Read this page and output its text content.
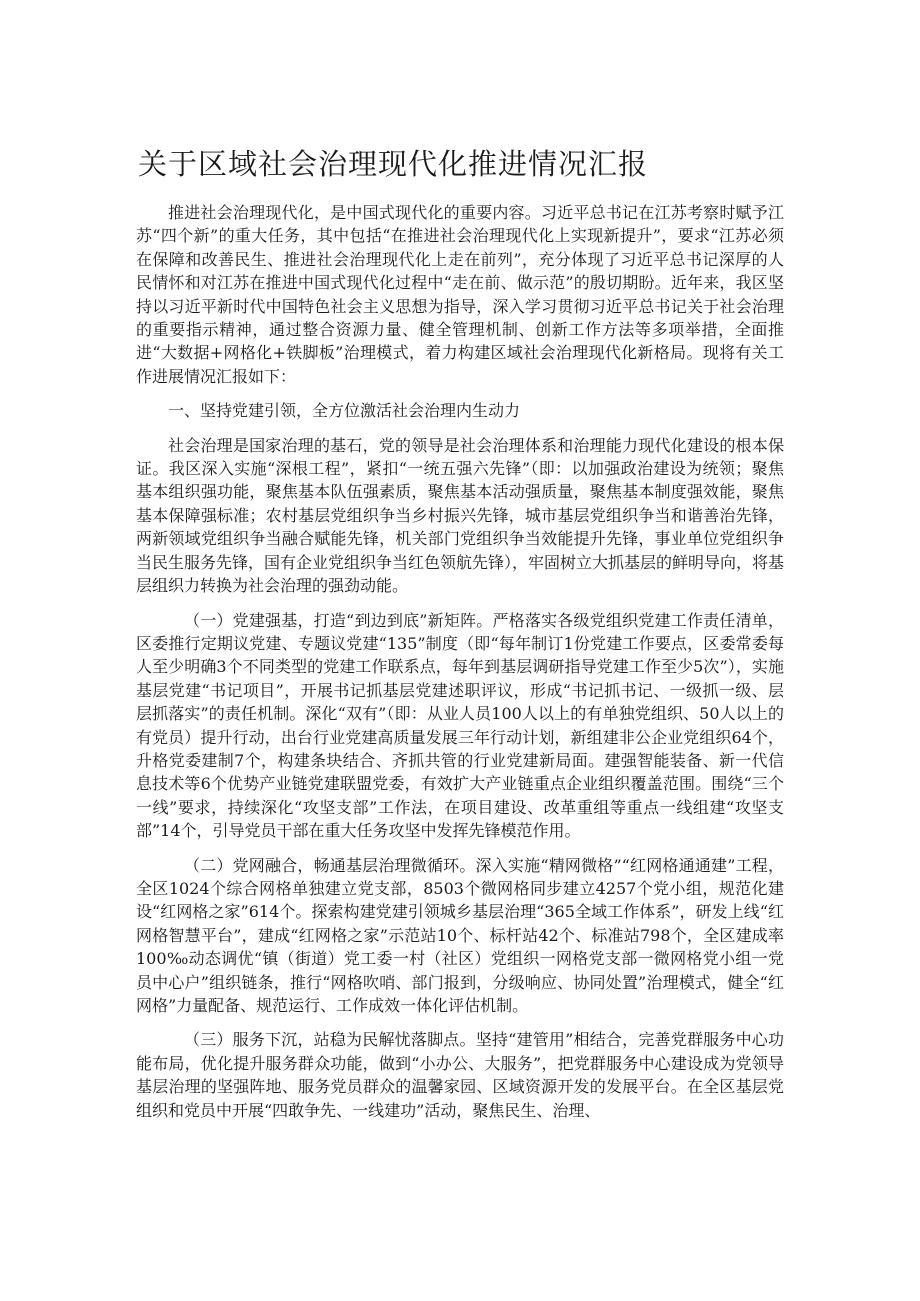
关于区域社会治理现代化推进情况汇报

推进社会治理现代化，是中国式现代化的重要内容。习近平总书记在江苏考察时赋予江苏“四个新”的重大任务，其中包括“在推进社会治理现代化上实现新提升”，要求“江苏必须在保障和改善民生、推进社会治理现代化上走在前列”，充分体现了习近平总书记深厚的人民情怀和对江苏在推进中国式现代化过程中“走在前、做示范”的殷切期盼。近年来，我区坚持以习近平新时代中国特色社会主义思想为指导，深入学习贯彻习近平总书记关于社会治理的重要指示精神，通过整合资源力量、健全管理机制、创新工作方法等多项举措，全面推进“大数据+网格化+铁脚板”治理模式，着力构建区域社会治理现代化新格局。现将有关工作进展情况汇报如下：

一、坚持党建引领，全方位激活社会治理内生动力

社会治理是国家治理的基石，党的领导是社会治理体系和治理能力现代化建设的根本保证。我区深入实施“深根工程”，紧扣“一统五强六先锋”（即：以加强政治建设为统领；聚焦基本组织强功能，聚焦基本队伍强素质，聚焦基本活动强质量，聚焦基本制度强效能，聚焦基本保障强标准；农村基层党组织争当乡村振兴先锋，城市基层党组织争当和谐善治先锋，两新领域党组织争当融合赋能先锋，机关部门党组织争当效能提升先锋，事业单位党组织争当民生服务先锋，国有企业党组织争当红色领航先锋），牢固树立大抓基层的鲜明导向，将基层组织力转换为社会治理的强劲动能。

（一）党建强基，打造“到边到底”新矩阵。严格落实各级党组织党建工作责任清单，区委推行定期议党建、专题议党建“135”制度（即“每年制订1份党建工作要点，区委常委每人至少明确3个不同类型的党建工作联系点，每年到基层调研指导党建工作至少5次”），实施基层党建“书记项目”，开展书记抓基层党建述职评议，形成“书记抓书记、一级抓一级、层层抓落实”的责任机制。深化“双有”（即：从业人员100人以上的有单独党组织、50人以上的有党员）提升行动，出台行业党建高质量发展三年行动计划，新组建非公企业党组织64个，升格党委建制7个，构建条块结合、齐抓共管的行业党建新局面。建强智能装备、新一代信息技术等6个优势产业链党建联盟党委，有效扩大产业链重点企业组织覆盖范围。围绕“三个一线”要求，持续深化“攻坚支部”工作法，在项目建设、改革重组等重点一线组建“攻坚支部”14个，引导党员干部在重大任务攻坚中发挥先锋模范作用。

（二）党网融合，畅通基层治理微循环。深入实施“精网微格”“红网格通通建”工程，全区1024个综合网格单独建立党支部，8503个微网格同步建立4257个党小组，规范化建设“红网格之家”614个。探索构建党建引领城乡基层治理“365全域工作体系”，研发上线“红网格智慧平台”，建成“红网格之家”示范站10个、标杆站42个、标准站798个，全区建成率100‰动态调优“镇（街道）党工委一村（社区）党组织一网格党支部一微网格党小组一党员中心户”组织链条，推行“网格吹哨、部门报到，分级响应、协同处置”治理模式，健全“红网格”力量配备、规范运行、工作成效一体化评估机制。

（三）服务下沉，站稳为民解忧落脚点。坚持“建管用”相结合，完善党群服务中心功能布局，优化提升服务群众功能，做到“小办公、大服务”，把党群服务中心建设成为党领导基层治理的坚强阵地、服务党员群众的温馨家园、区域资源开发的发展平台。在全区基层党组织和党员中开展“四敢争先、一线建功”活动，聚焦民生、治理、
